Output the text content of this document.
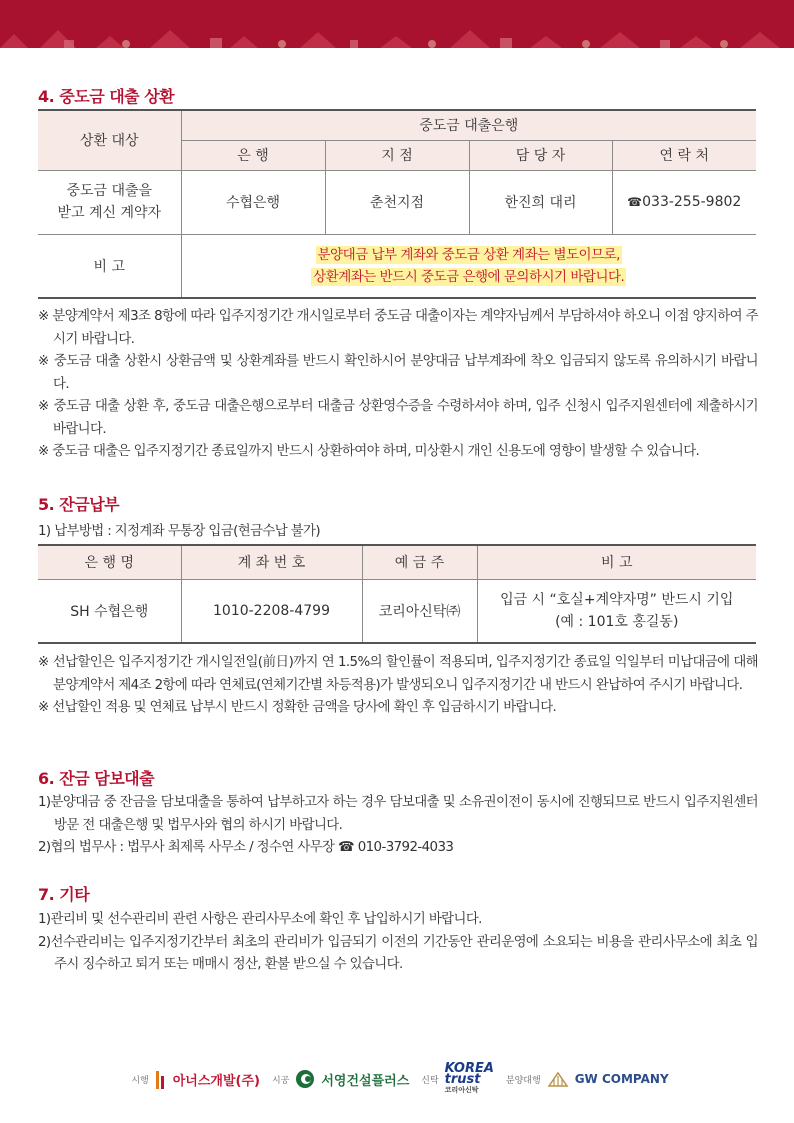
4. 중도금 대출 상환
상환 대상	중도금 대출은행			
	은 행	지 점	담 당 자	연 락 처
중도금 대출을
받고 계신 계약자	수협은행	춘천지점	한진희 대리	☎033-255-9802
비 고	분양대금 납부 계좌와 중도금 상환 계좌는 별도이므로,
상환계좌는 반드시 중도금 은행에 문의하시기 바랍니다.			
※ 분양계약서 제3조 8항에 따라 입주지정기간 개시일로부터 중도금 대출이자는 계약자님께서 부담하셔야 하오니 이점 양지하여 주시기 바랍니다.
※ 중도금 대출 상환시 상환금액 및 상환계좌를 반드시 확인하시어 분양대금 납부계좌에 착오 입금되지 않도록 유의하시기 바랍니다.
※ 중도금 대출 상환 후, 중도금 대출은행으로부터 대출금 상환영수증을 수령하셔야 하며, 입주 신청시 입주지원센터에 제출하시기 바랍니다.
※ 중도금 대출은 입주지정기간 종료일까지 반드시 상환하여야 하며, 미상환시 개인 신용도에 영향이 발생할 수 있습니다.
5. 잔금납부
1) 납부방법 : 지정계좌 무통장 입금(현금수납 불가)
은 행 명	계 좌 번 호	예 금 주	비 고
SH 수협은행	1010-2208-4799	코리아신탁㈜	입금 시 “호실+계약자명” 반드시 기입
(예 : 101호 홍길동)
※ 선납할인은 입주지정기간 개시일전일(前日)까지 연 1.5%의 할인률이 적용되며, 입주지정기간 종료일 익일부터 미납대금에 대해 분양계약서 제4조 2항에 따라 연체료(연체기간별 차등적용)가 발생되오니 입주지정기간 내 반드시 완납하여 주시기 바랍니다.
※ 선납할인 적용 및 연체료 납부시 반드시 정확한 금액을 당사에 확인 후 입금하시기 바랍니다.
6. 잔금 담보대출
1)분양대금 중 잔금을 담보대출을 통하여 납부하고자 하는 경우 담보대출 및 소유권이전이 동시에 진행되므로 반드시 입주지원센터 방문 전 대출은행 및 법무사와 협의 하시기 바랍니다.
2)협의 법무사 : 법무사 최제록 사무소 / 정수연 사무장 ☎ 010-3792-4033
7. 기타
1)관리비 및 선수관리비 관련 사항은 관리사무소에 확인 후 납입하시기 바랍니다.
2)선수관리비는 입주지정기간부터 최초의 관리비가 입금되기 이전의 기간동안 관리운영에 소요되는 비용을 관리사무소에 최초 입주시 징수하고 퇴거 또는 매매시 정산, 환불 받으실 수 있습니다.
시행 아너스개발(주) 시공 서영건설플러스 신탁
KOREA
trust
코리아신탁
분양대행	GW COMPANY
